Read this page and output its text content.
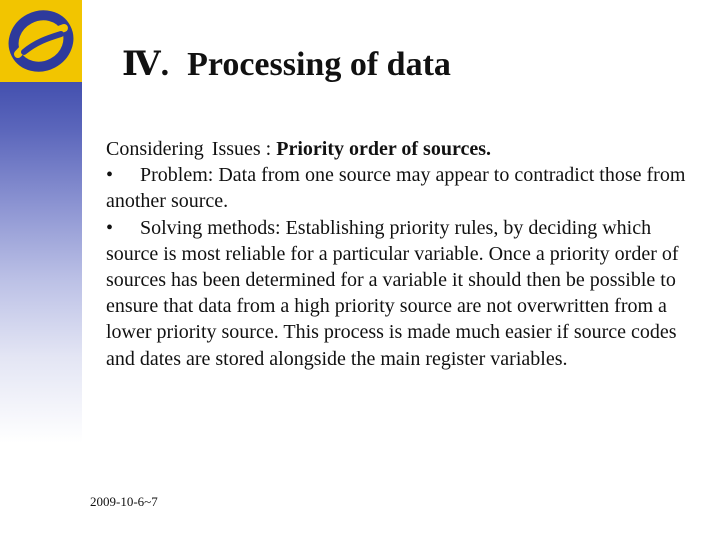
Ⅳ. Processing of data

Considering Issues : Priority order of sources.

• Problem: Data from one source may appear to contradict those from another source.

• Solving methods: Establishing priority rules, by deciding which source is most reliable for a particular variable. Once a priority order of sources has been determined for a variable it should then be possible to ensure that data from a high priority source are not overwritten from a lower priority source. This process is made much easier if source codes and dates are stored alongside the main register variables.

2009-10-6~7
